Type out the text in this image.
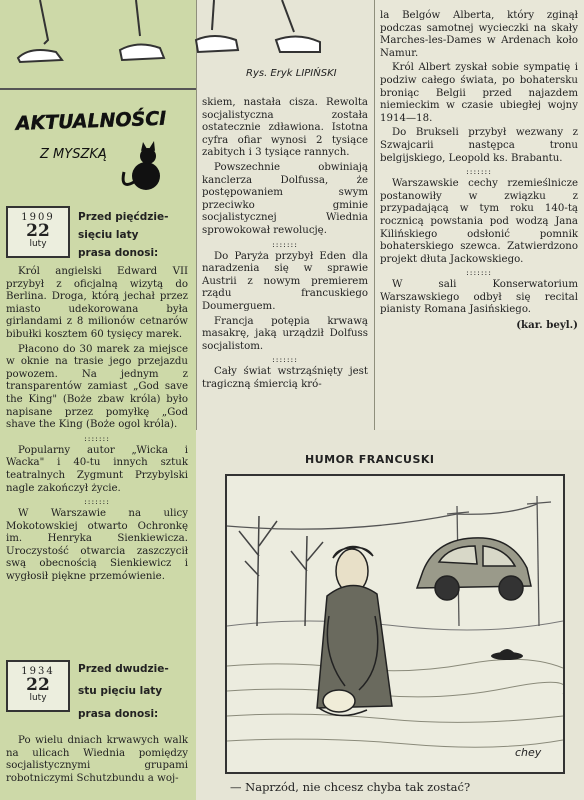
Rys. Eryk LIPIŃSKI
AKTUALNOŚCI
Z MYSZKĄ
1909
22
luty
Przed pięćdzie-
sięciu laty
prasa donosi:

Król angielski Edward VII przybył z oficjalną wizytą do Berlina. Droga, którą jechał przez miasto udekorowana była girlandami z 8 milionów cetnarów bibułki kosztem 60 tysięcy marek.

Płacono do 30 marek za miejsce w oknie na trasie jego przejazdu powozem. Na jednym z transparentów zamiast „God save the King" (Boże zbaw króla) było napisane przez pomyłkę „God shave the King (Boże ogol króla).

:::::::

Popularny autor „Wicka i Wacka" i 40-tu innych sztuk teatralnych Zygmunt Przybylski nagle zakończył życie.

:::::::

W Warszawie na ulicy Mokotowskiej otwarto Ochronkę im. Henryka Sienkiewicza. Uroczystość otwarcia zaszczycił swą obecnością Sienkiewicz i wygłosił piękne przemówienie.

1934
22
luty
Przed dwudzie-
stu pięciu laty
prasa donosi:

Po wielu dniach krwawych walk na ulicach Wiednia pomiędzy socjalistycznymi grupami robotniczymi Schutzbundu a woj-

skiem, nastała cisza. Rewolta socjalistyczna została ostatecznie zdławiona. Istotna cyfra ofiar wynosi 2 tysiące zabitych i 3 tysiące rannych.

Powszechnie obwiniają kanclerza Dolfussa, że postępowaniem swym przeciwko gminie socjalistycznej Wiednia sprowokował rewolucję.

:::::::

Do Paryża przybył Eden dla naradzenia się w sprawie Austrii z nowym premierem rządu francuskiego Doumerguem.

Francja potępia krwawą masakrę, jaką urządził Dolfuss socjalistom.

:::::::

Cały świat wstrząśnięty jest tragiczną śmiercią kró-

la Belgów Alberta, który zginął podczas samotnej wycieczki na skały Marches-les-Dames w Ardenach koło Namur.

Król Albert zyskał sobie sympatię i podziw całego świata, po bohatersku broniąc Belgii przed najazdem niemieckim w czasie ubiegłej wojny 1914—18.

Do Brukseli przybył wezwany z Szwajcarii następca tronu belgijskiego, Leopold ks. Brabantu.

:::::::

Warszawskie cechy rzemieślnicze postanowiły w związku z przypadającą w tym roku 140-tą rocznicą powstania pod wodzą Jana Kilińskiego odsłonić pomnik bohaterskiego szewca. Zatwierdzono projekt dłuta Jackowskiego.

:::::::

W sali Konserwatorium Warszawskiego odbył się recital pianisty Romana Jasińskiego.

(kar. beyl.)
HUMOR FRANCUSKI
chey
— Naprzód, nie chcesz chyba tak zostać?
